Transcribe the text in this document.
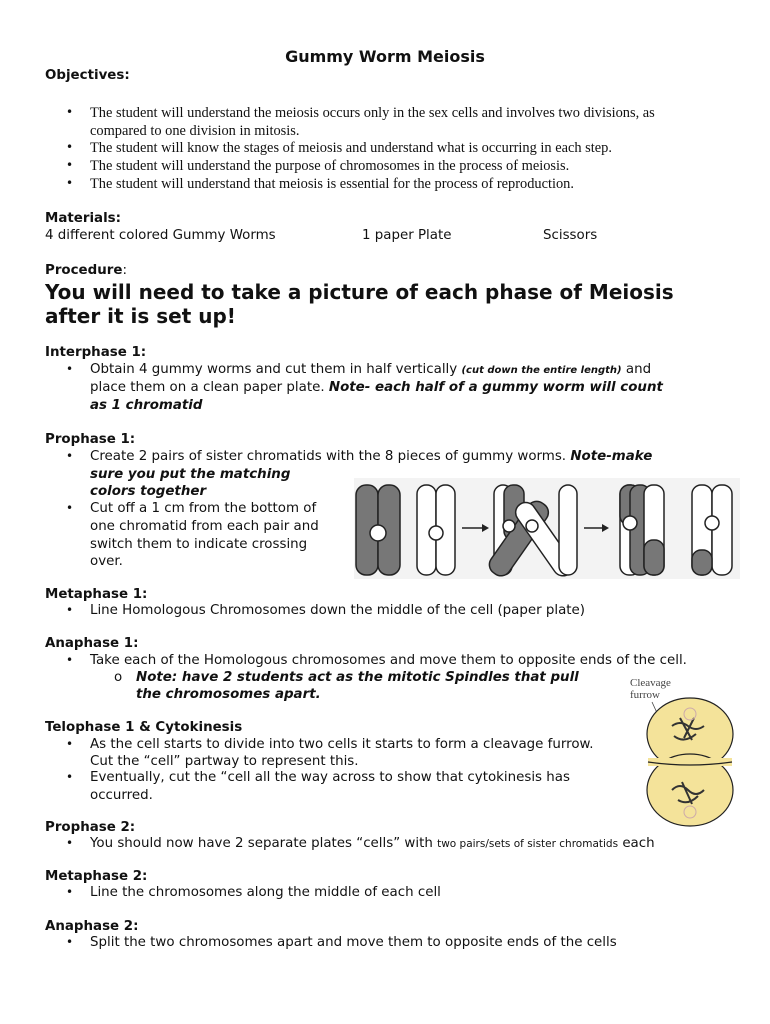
Gummy Worm Meiosis
Objectives:
The student will understand the meiosis occurs only in the sex cells and involves two divisions, as
compared to one division in mitosis.
The student will know the stages of meiosis and understand what is occurring in each step.
The student will understand the purpose of chromosomes in the process of meiosis.
The student will understand that meiosis is essential for the process of reproduction.
•
•
•
•
Materials:
4 different colored Gummy Worms	1 paper Plate	Scissors
Procedure:
You will need to take a picture of each phase of Meiosis
after it is set up!
Interphase 1:
• Obtain 4 gummy worms and cut them in half vertically (cut down the entire length) and
place them on a clean paper plate. Note- each half of a gummy worm will count
as 1 chromatid
Prophase 1:
• Create 2 pairs of sister chromatids with the 8 pieces of gummy worms. Note-make
sure you put the matching
colors together
• Cut off a 1 cm from the bottom of
one chromatid from each pair and
switch them to indicate crossing
over.
Metaphase 1:
• Line Homologous Chromosomes down the middle of the cell (paper plate)
Anaphase 1:
• Take each of the Homologous chromosomes and move them to opposite ends of the cell.
o Note: have 2 students act as the mitotic Spindles that pull
the chromosomes apart.
Cleavage
furrow
Telophase 1 & Cytokinesis
• As the cell starts to divide into two cells it starts to form a cleavage furrow.
Cut the “cell” partway to represent this.
• Eventually, cut the “cell all the way across to show that cytokinesis has
occurred.
Prophase 2:
• You should now have 2 separate plates “cells” with two pairs/sets of sister chromatids each
Metaphase 2:
• Line the chromosomes along the middle of each cell
Anaphase 2:
• Split the two chromosomes apart and move them to opposite ends of the cells
